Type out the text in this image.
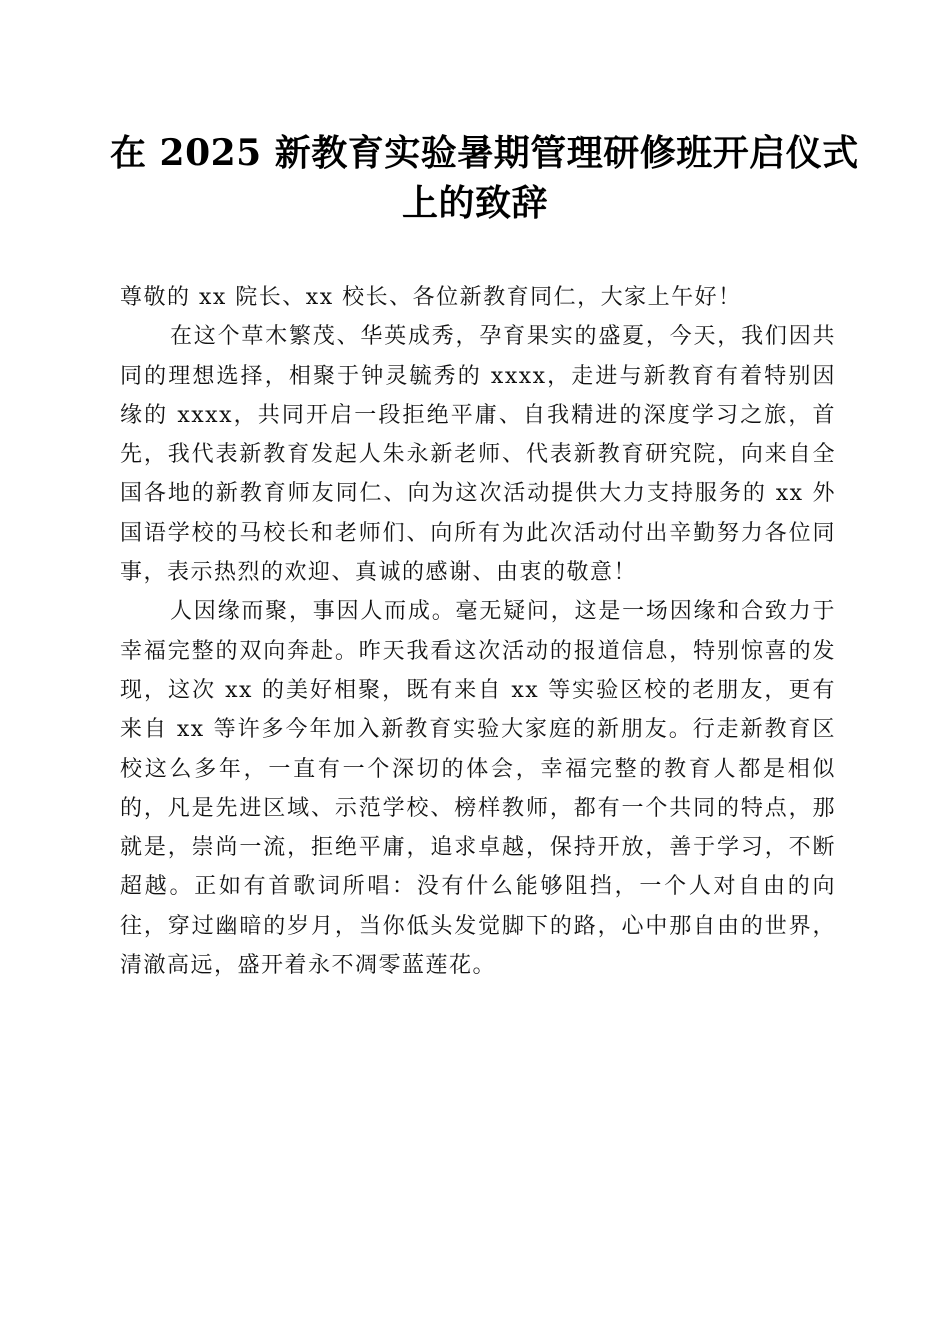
在 2025 新教育实验暑期管理研修班开启仪式
上的致辞

尊敬的 xx 院长、xx 校长、各位新教育同仁，大家上午好！

在这个草木繁茂、华英成秀，孕育果实的盛夏，今天，我们因共同的理想选择，相聚于钟灵毓秀的 xxxx，走进与新教育有着特别因缘的 xxxx，共同开启一段拒绝平庸、自我精进的深度学习之旅，首先，我代表新教育发起人朱永新老师、代表新教育研究院，向来自全国各地的新教育师友同仁、向为这次活动提供大力支持服务的 xx 外国语学校的马校长和老师们、向所有为此次活动付出辛勤努力各位同事，表示热烈的欢迎、真诚的感谢、由衷的敬意！

人因缘而聚，事因人而成。毫无疑问，这是一场因缘和合致力于幸福完整的双向奔赴。昨天我看这次活动的报道信息，特别惊喜的发现，这次 xx 的美好相聚，既有来自 xx 等实验区校的老朋友，更有来自 xx 等许多今年加入新教育实验大家庭的新朋友。行走新教育区校这么多年，一直有一个深切的体会，幸福完整的教育人都是相似的，凡是先进区域、示范学校、榜样教师，都有一个共同的特点，那就是，崇尚一流，拒绝平庸，追求卓越，保持开放，善于学习，不断超越。正如有首歌词所唱：没有什么能够阻挡，一个人对自由的向往，穿过幽暗的岁月，当你低头发觉脚下的路，心中那自由的世界，清澈高远，盛开着永不凋零蓝莲花。
